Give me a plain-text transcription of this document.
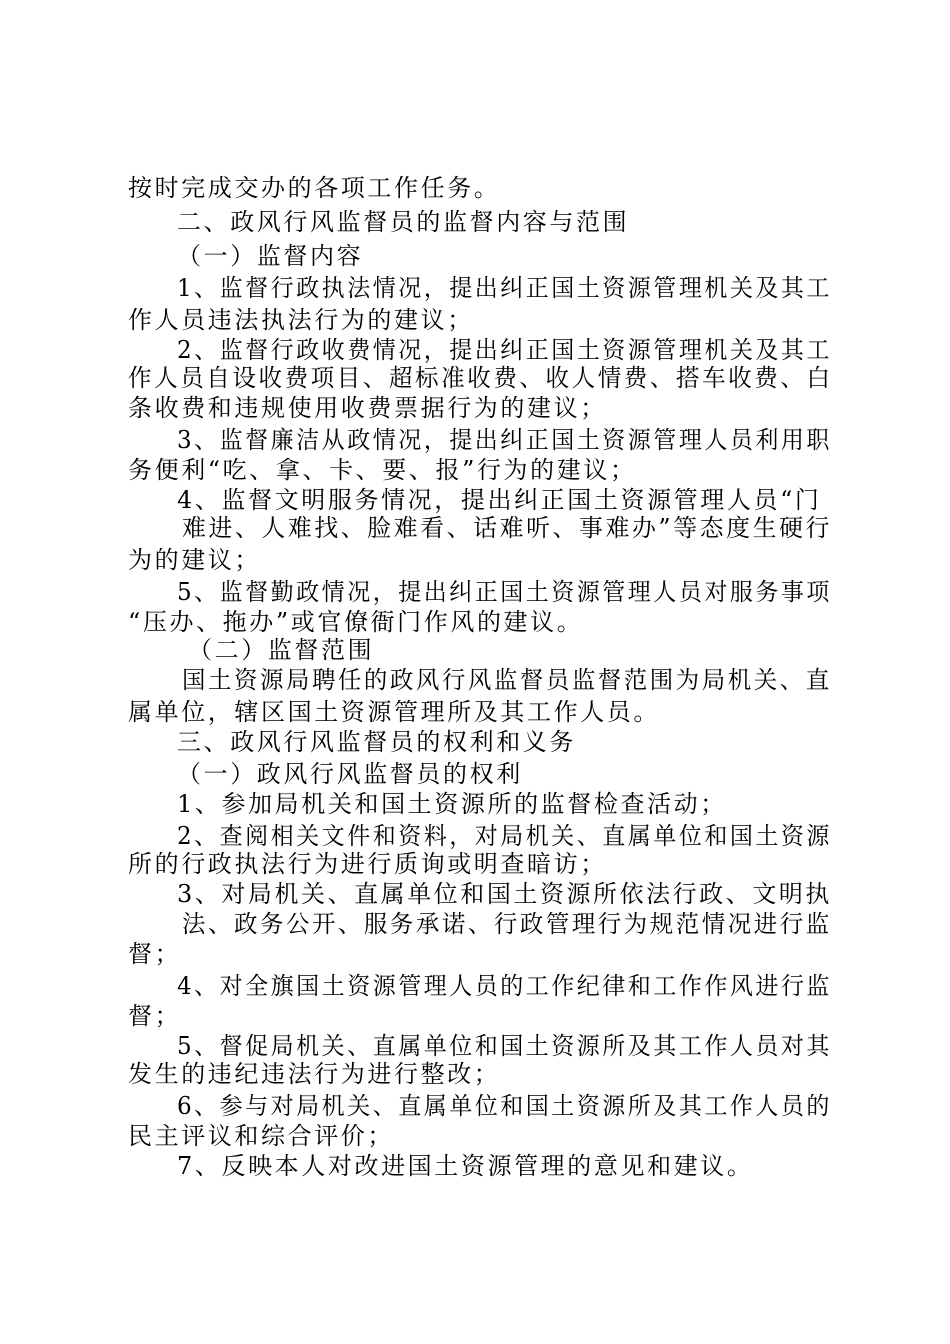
按时完成交办的各项工作任务。
二、政风行风监督员的监督内容与范围
（一）监督内容
1、监督行政执法情况，提出纠正国土资源管理机关及其工
作人员违法执法行为的建议；
2、监督行政收费情况，提出纠正国土资源管理机关及其工
作人员自设收费项目、超标准收费、收人情费、搭车收费、白
条收费和违规使用收费票据行为的建议；
3、监督廉洁从政情况，提出纠正国土资源管理人员利用职
务便利“吃、拿、卡、要、报”行为的建议；
4、监督文明服务情况，提出纠正国土资源管理人员“门
难进、人难找、脸难看、话难听、事难办”等态度生硬行
为的建议；
5、监督勤政情况，提出纠正国土资源管理人员对服务事项
“压办、拖办”或官僚衙门作风的建议。
（二）监督范围
国土资源局聘任的政风行风监督员监督范围为局机关、直
属单位，辖区国土资源管理所及其工作人员。
三、政风行风监督员的权利和义务
（一）政风行风监督员的权利
1、参加局机关和国土资源所的监督检查活动；
2、查阅相关文件和资料，对局机关、直属单位和国土资源
所的行政执法行为进行质询或明查暗访；
3、对局机关、直属单位和国土资源所依法行政、文明执
法、政务公开、服务承诺、行政管理行为规范情况进行监
督；
4、对全旗国土资源管理人员的工作纪律和工作作风进行监
督；
5、督促局机关、直属单位和国土资源所及其工作人员对其
发生的违纪违法行为进行整改；
6、参与对局机关、直属单位和国土资源所及其工作人员的
民主评议和综合评价；
7、反映本人对改进国土资源管理的意见和建议。
